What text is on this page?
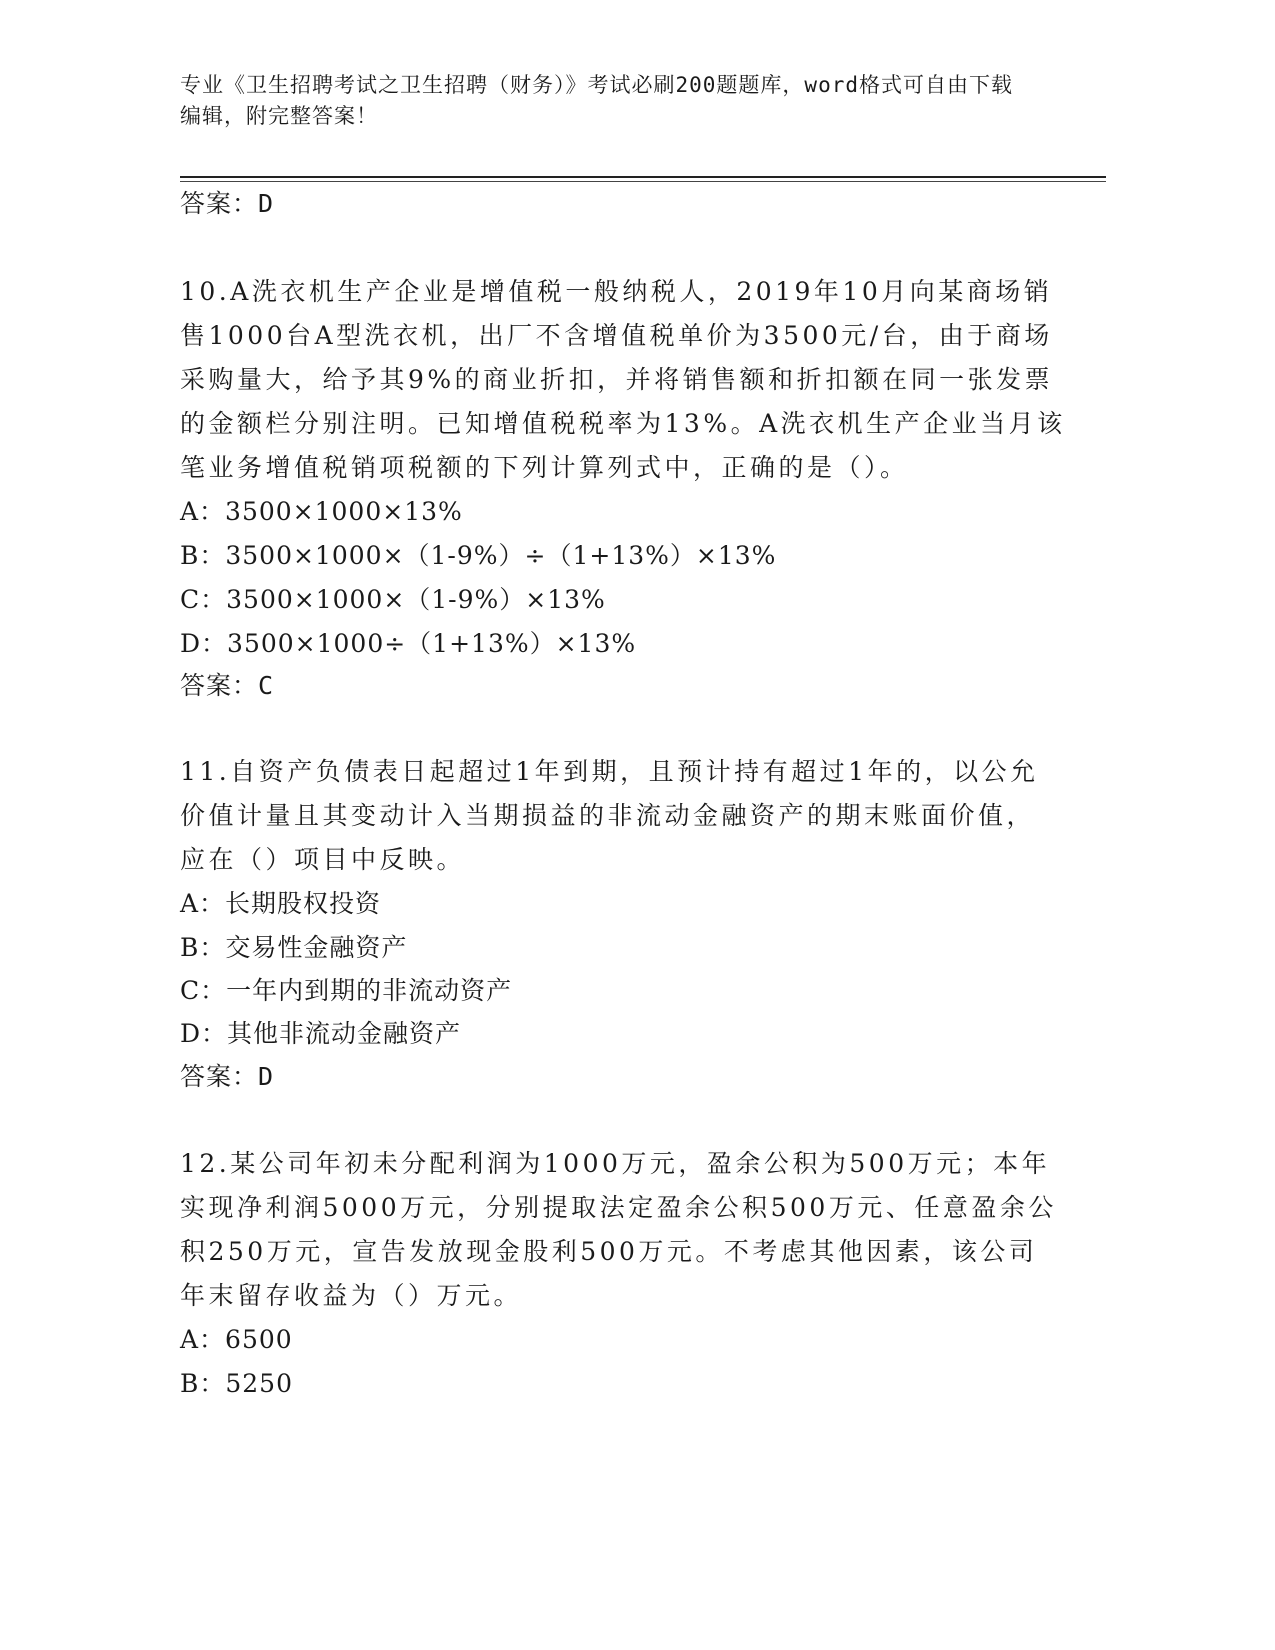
专业《卫生招聘考试之卫生招聘（财务）》考试必刷200题题库，word格式可自由下载编辑，附完整答案！
答案：D
10.A洗衣机生产企业是增值税一般纳税人，2019年10月向某商场销
售1000台A型洗衣机，出厂不含增值税单价为3500元/台，由于商场
采购量大，给予其9%的商业折扣，并将销售额和折扣额在同一张发票
的金额栏分别注明。已知增值税税率为13%。A洗衣机生产企业当月该
笔业务增值税销项税额的下列计算列式中，正确的是（）。
A：3500×1000×13%
B：3500×1000×（1-9%）÷（1+13%）×13%
C：3500×1000×（1-9%）×13%
D：3500×1000÷（1+13%）×13%
答案：C
11.自资产负债表日起超过1年到期，且预计持有超过1年的，以公允
价值计量且其变动计入当期损益的非流动金融资产的期末账面价值，
应在（）项目中反映。
A：长期股权投资
B：交易性金融资产
C：一年内到期的非流动资产
D：其他非流动金融资产
答案：D
12.某公司年初未分配利润为1000万元，盈余公积为500万元；本年
实现净利润5000万元，分别提取法定盈余公积500万元、任意盈余公
积250万元，宣告发放现金股利500万元。不考虑其他因素，该公司
年末留存收益为（）万元。
A：6500
B：5250
